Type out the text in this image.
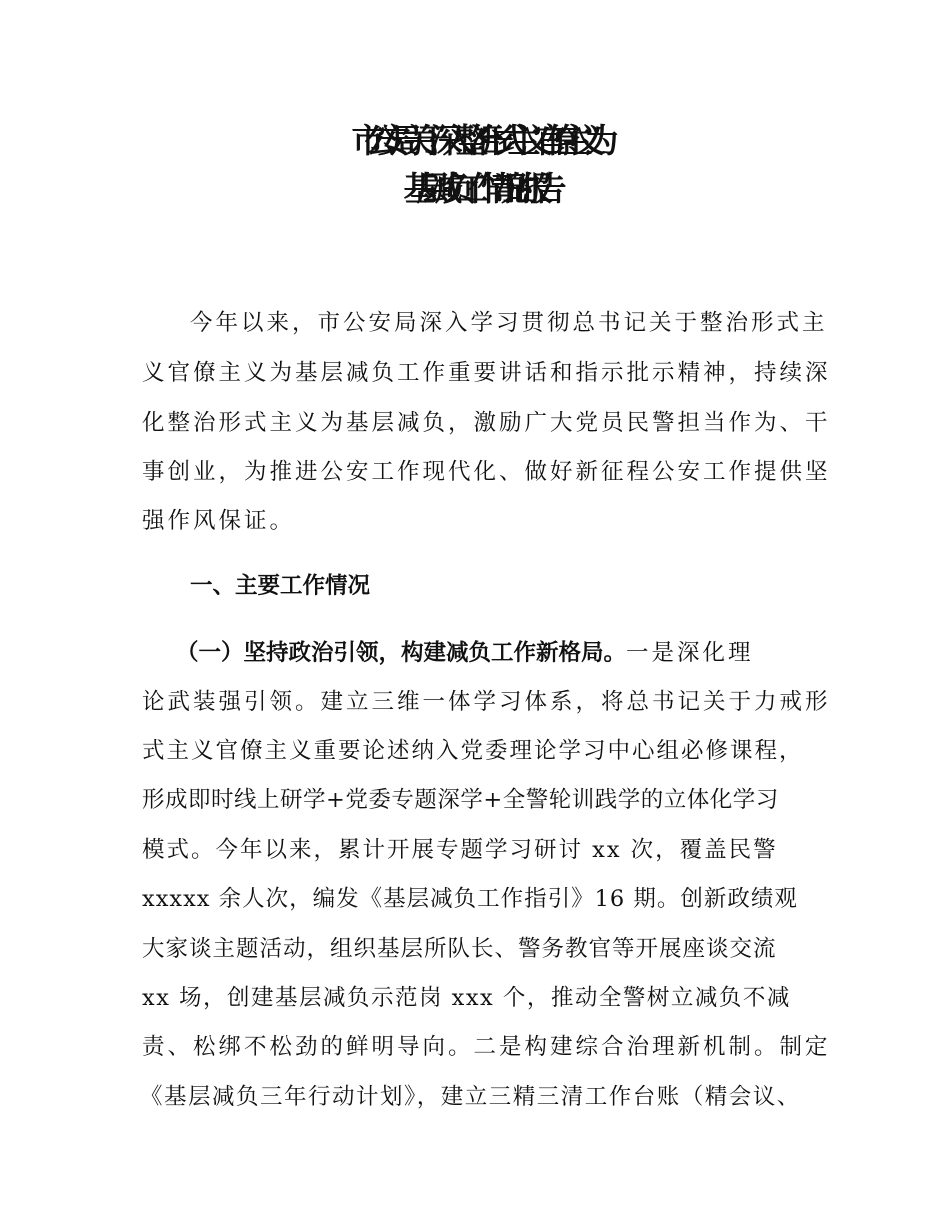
市公安局关于深入整治形式主义官僚主义为
基层减负工作情况的报告
今年以来，市公安局深入学习贯彻总书记关于整治形式主
义官僚主义为基层减负工作重要讲话和指示批示精神，持续深
化整治形式主义为基层减负，激励广大党员民警担当作为、干
事创业，为推进公安工作现代化、做好新征程公安工作提供坚
强作风保证。
一、主要工作情况
（一）坚持政治引领，构建减负工作新格局。一是深化理
论武装强引领。建立三维一体学习体系，将总书记关于力戒形
式主义官僚主义重要论述纳入党委理论学习中心组必修课程，
形成即时线上研学+党委专题深学+全警轮训践学的立体化学习
模式。今年以来，累计开展专题学习研讨 xx 次，覆盖民警
xxxxx 余人次，编发《基层减负工作指引》16 期。创新政绩观
大家谈主题活动，组织基层所队长、警务教官等开展座谈交流
xx 场，创建基层减负示范岗 xxx 个，推动全警树立减负不减
责、松绑不松劲的鲜明导向。二是构建综合治理新机制。制定
《基层减负三年行动计划》，建立三精三清工作台账（精会议、
